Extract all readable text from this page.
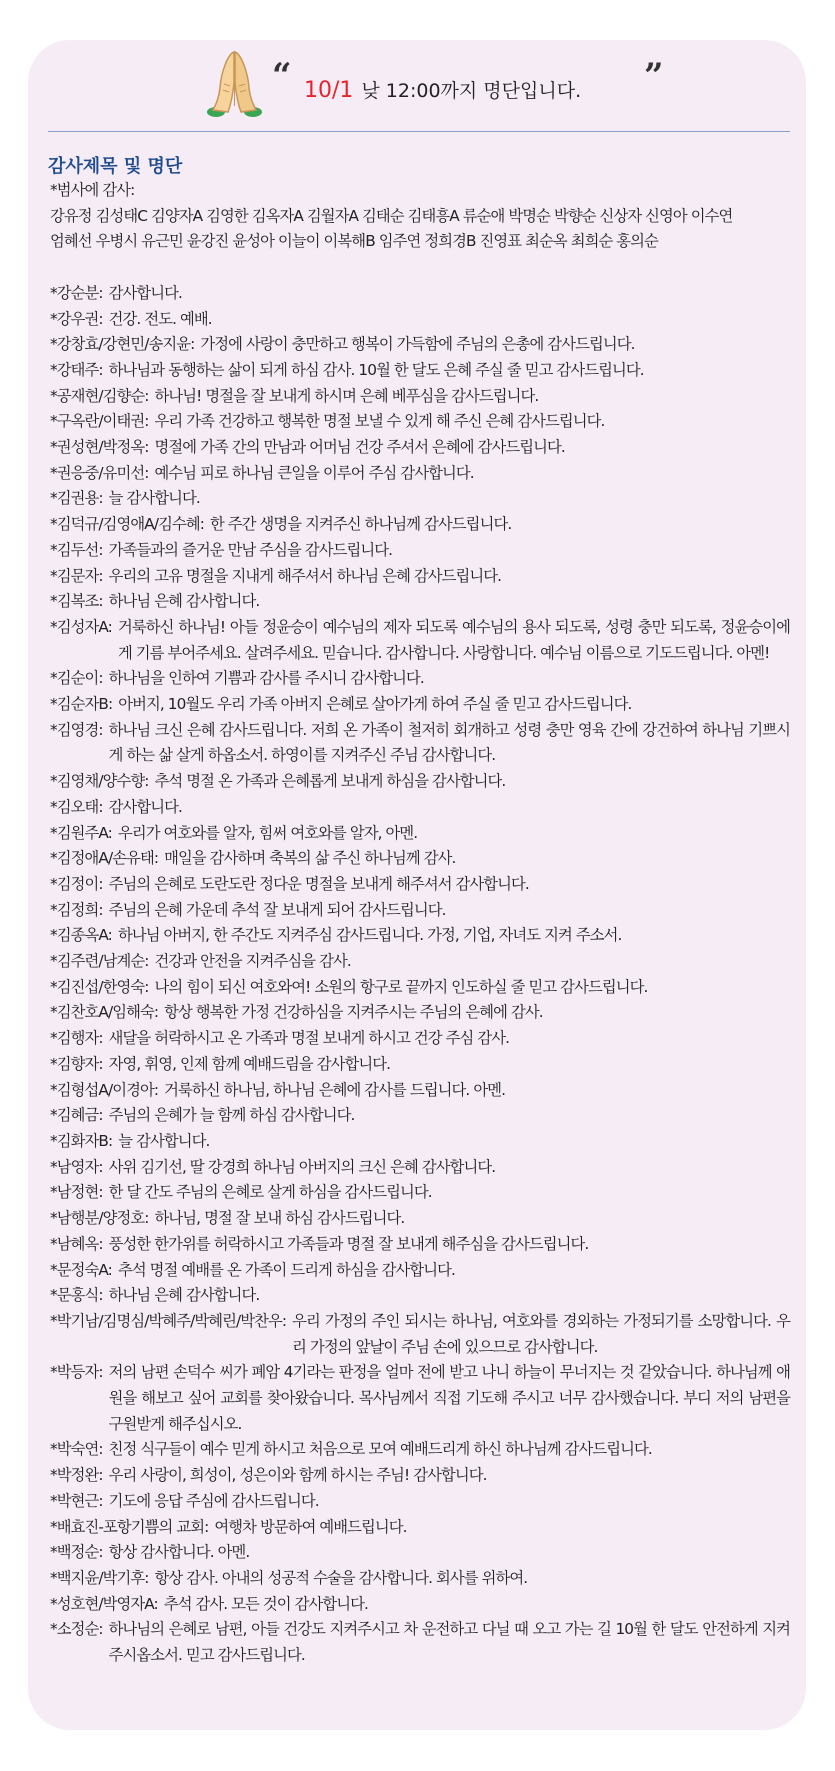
“ 10/1 낮 12:00까지 명단입니다. ”
감사제목 및 명단
*범사에 감사:
강유정 김성태C 김양자A 김영한 김옥자A 김월자A 김태순 김태흥A 류순애 박명순 박향순 신상자 신영아 이수연
엄혜선 우병시 유근민 윤강진 윤성아 이늘이 이복해B 임주연 정희경B 진영표 최순옥 최희순 홍의순
*강순분: 감사합니다.
*강우권: 건강. 전도. 예배.
*강창효/강현민/송지윤: 가정에 사랑이 충만하고 행복이 가득함에 주님의 은총에 감사드립니다.
*강태주: 하나님과 동행하는 삶이 되게 하심 감사. 10월 한 달도 은혜 주실 줄 믿고 감사드립니다.
*공재현/김향순: 하나님! 명절을 잘 보내게 하시며 은혜 베푸심을 감사드립니다.
*구옥란/이태권: 우리 가족 건강하고 행복한 명절 보낼 수 있게 해 주신 은혜 감사드립니다.
*권성현/박정옥: 명절에 가족 간의 만남과 어머님 건강 주셔서 은혜에 감사드립니다.
*권응중/유미선: 예수님 피로 하나님 큰일을 이루어 주심 감사합니다.
*김권용: 늘 감사합니다.
*김덕규/김영애A/김수혜: 한 주간 생명을 지켜주신 하나님께 감사드립니다.
*김두선: 가족들과의 즐거운 만남 주심을 감사드립니다.
*김문자: 우리의 고유 명절을 지내게 해주셔서 하나님 은혜 감사드립니다.
*김복조: 하나님 은혜 감사합니다.
*김성자A: 거룩하신 하나님! 아들 정윤승이 예수님의 제자 되도록 예수님의 용사 되도록, 성령 충만 되도록, 정윤승이에게 기름 부어주세요. 살려주세요. 믿습니다. 감사합니다. 사랑합니다. 예수님 이름으로 기도드립니다. 아멘!
*김순이: 하나님을 인하여 기쁨과 감사를 주시니 감사합니다.
*김순자B: 아버지, 10월도 우리 가족 아버지 은혜로 살아가게 하여 주실 줄 믿고 감사드립니다.
*김영경: 하나님 크신 은혜 감사드립니다. 저희 온 가족이 철저히 회개하고 성령 충만 영육 간에 강건하여 하나님 기쁘시게 하는 삶 살게 하옵소서. 하영이를 지켜주신 주님 감사합니다.
*김영채/양수향: 추석 명절 온 가족과 은혜롭게 보내게 하심을 감사합니다.
*김오태: 감사합니다.
*김원주A: 우리가 여호와를 알자, 힘써 여호와를 알자, 아멘.
*김정애A/손유태: 매일을 감사하며 축복의 삶 주신 하나님께 감사.
*김정이: 주님의 은혜로 도란도란 정다운 명절을 보내게 해주셔서 감사합니다.
*김정희: 주님의 은혜 가운데 추석 잘 보내게 되어 감사드립니다.
*김종옥A: 하나님 아버지, 한 주간도 지켜주심 감사드립니다. 가정, 기업, 자녀도 지켜 주소서.
*김주련/남계순: 건강과 안전을 지켜주심을 감사.
*김진섭/한영숙: 나의 힘이 되신 여호와여! 소원의 항구로 끝까지 인도하실 줄 믿고 감사드립니다.
*김찬호A/임해숙: 항상 행복한 가정 건강하심을 지켜주시는 주님의 은혜에 감사.
*김행자: 새달을 허락하시고 온 가족과 명절 보내게 하시고 건강 주심 감사.
*김향자: 자영, 휘영, 인제 함께 예배드림을 감사합니다.
*김형섭A/이경아: 거룩하신 하나님, 하나님 은혜에 감사를 드립니다. 아멘.
*김혜금: 주님의 은혜가 늘 함께 하심 감사합니다.
*김화자B: 늘 감사합니다.
*남영자: 사위 김기선, 딸 강경희 하나님 아버지의 크신 은혜 감사합니다.
*남정현: 한 달 간도 주님의 은혜로 살게 하심을 감사드립니다.
*남행분/양정호: 하나님, 명절 잘 보내 하심 감사드립니다.
*남혜옥: 풍성한 한가위를 허락하시고 가족들과 명절 잘 보내게 해주심을 감사드립니다.
*문정숙A: 추석 명절 예배를 온 가족이 드리게 하심을 감사합니다.
*문홍식: 하나님 은혜 감사합니다.
*박기남/김명심/박혜주/박혜린/박찬우: 우리 가정의 주인 되시는 하나님, 여호와를 경외하는 가정되기를 소망합니다. 우리 가정의 앞날이 주님 손에 있으므로 감사합니다.
*박등자: 저의 남편 손덕수 씨가 폐암 4기라는 판정을 얼마 전에 받고 나니 하늘이 무너지는 것 같았습니다. 하나님께 애원을 해보고 싶어 교회를 찾아왔습니다. 목사님께서 직접 기도해 주시고 너무 감사했습니다. 부디 저의 남편을 구원받게 해주십시오.
*박숙연: 친정 식구들이 예수 믿게 하시고 처음으로 모여 예배드리게 하신 하나님께 감사드립니다.
*박정완: 우리 사랑이, 희성이, 성은이와 함께 하시는 주님! 감사합니다.
*박현근: 기도에 응답 주심에 감사드립니다.
*배효진-포항기쁨의 교회: 여행차 방문하여 예배드립니다.
*백정순: 항상 감사합니다. 아멘.
*백지윤/박기후: 항상 감사. 아내의 성공적 수술을 감사합니다. 회사를 위하여.
*성호현/박영자A: 추석 감사. 모든 것이 감사합니다.
*소정순: 하나님의 은혜로 남편, 아들 건강도 지켜주시고 차 운전하고 다닐 때 오고 가는 길 10월 한 달도 안전하게 지켜 주시옵소서. 믿고 감사드립니다.
